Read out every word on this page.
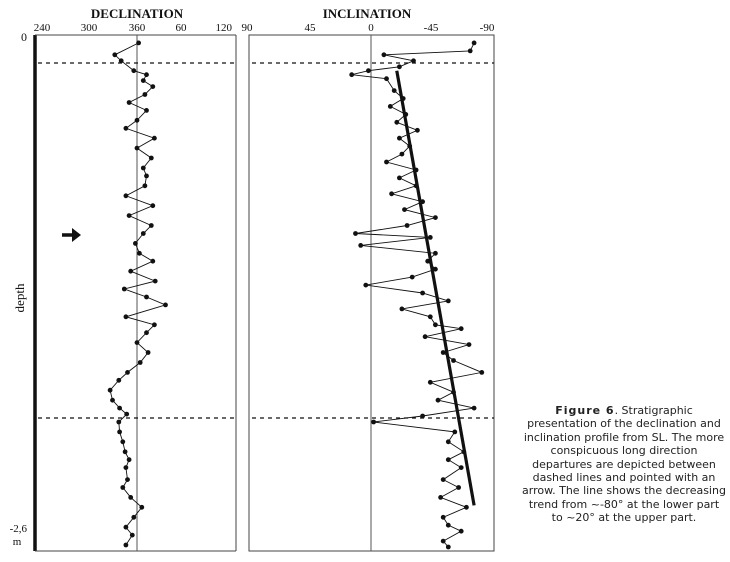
0
-2,6
m
depth
DECLINATION
240	300	360	60	120
INCLINATION
90	45	0	-45	-90
Figure 6. Stratigraphic presentation of the declination and inclination profile from SL. The more conspicuous long direction departures are depicted between dashed lines and pointed with an arrow. The line shows the decreasing trend from ~-80° at the lower part to ~20° at the upper part.
